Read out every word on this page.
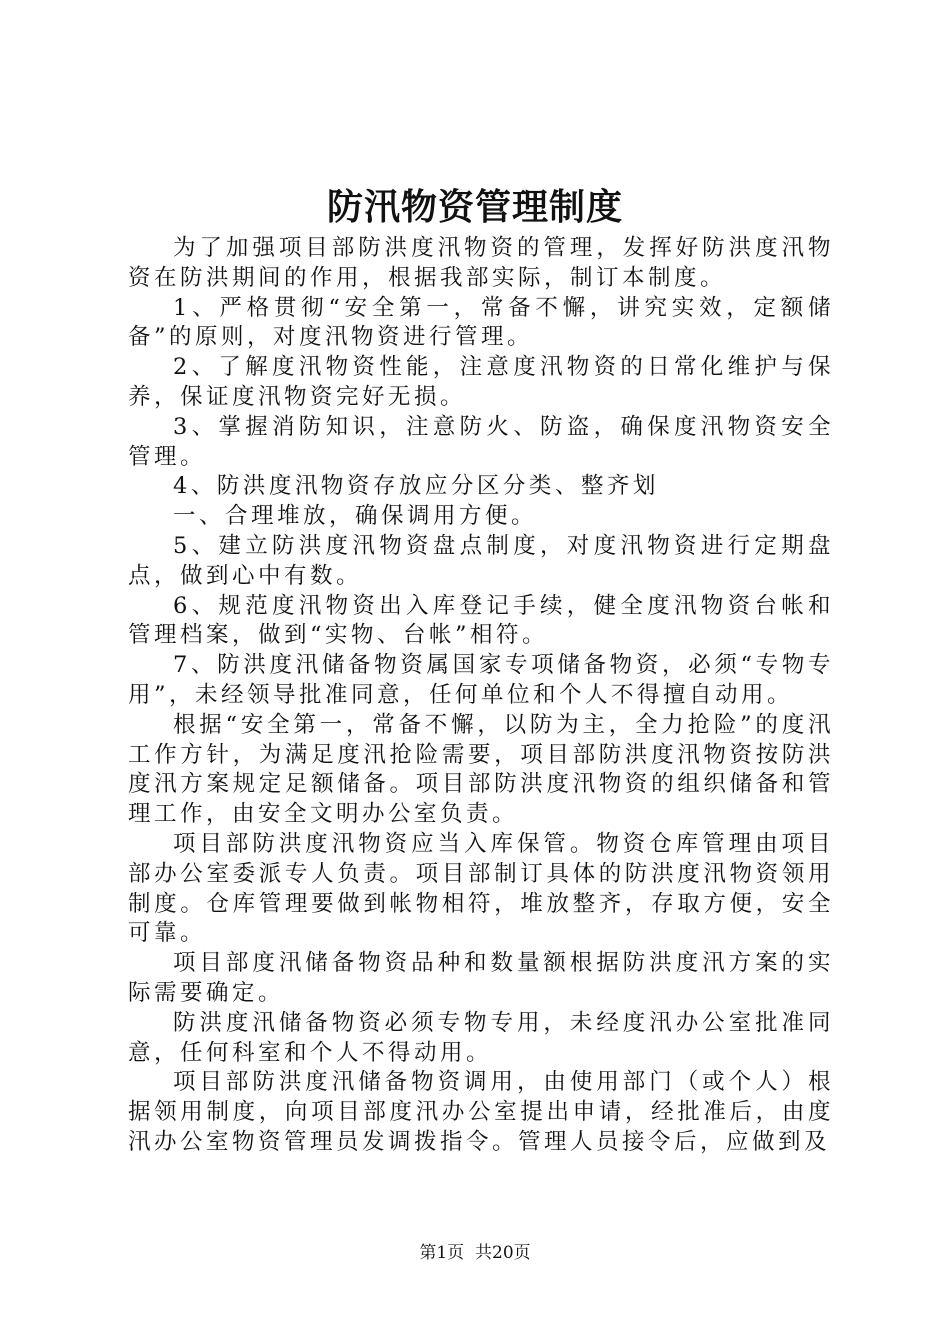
防汛物资管理制度

为了加强项目部防洪度汛物资的管理，发挥好防洪度汛物资在防洪期间的作用，根据我部实际，制订本制度。

1、严格贯彻“安全第一，常备不懈，讲究实效，定额储备”的原则，对度汛物资进行管理。

2、了解度汛物资性能，注意度汛物资的日常化维护与保养，保证度汛物资完好无损。

3、掌握消防知识，注意防火、防盗，确保度汛物资安全管理。

4、防洪度汛物资存放应分区分类、整齐划

一、合理堆放，确保调用方便。

5、建立防洪度汛物资盘点制度，对度汛物资进行定期盘点，做到心中有数。

6、规范度汛物资出入库登记手续，健全度汛物资台帐和管理档案，做到“实物、台帐”相符。

7、防洪度汛储备物资属国家专项储备物资，必须“专物专用”，未经领导批准同意，任何单位和个人不得擅自动用。

根据“安全第一，常备不懈，以防为主，全力抢险”的度汛工作方针，为满足度汛抢险需要，项目部防洪度汛物资按防洪度汛方案规定足额储备。项目部防洪度汛物资的组织储备和管理工作，由安全文明办公室负责。

项目部防洪度汛物资应当入库保管。物资仓库管理由项目部办公室委派专人负责。项目部制订具体的防洪度汛物资领用制度。仓库管理要做到帐物相符，堆放整齐，存取方便，安全可靠。

项目部度汛储备物资品种和数量额根据防洪度汛方案的实际需要确定。

防洪度汛储备物资必须专物专用，未经度汛办公室批准同意，任何科室和个人不得动用。

项目部防洪度汛储备物资调用，由使用部门（或个人）根据领用制度，向项目部度汛办公室提出申请，经批准后，由度汛办公室物资管理员发调拨指令。管理人员接令后，应做到及

第1页 共20页
